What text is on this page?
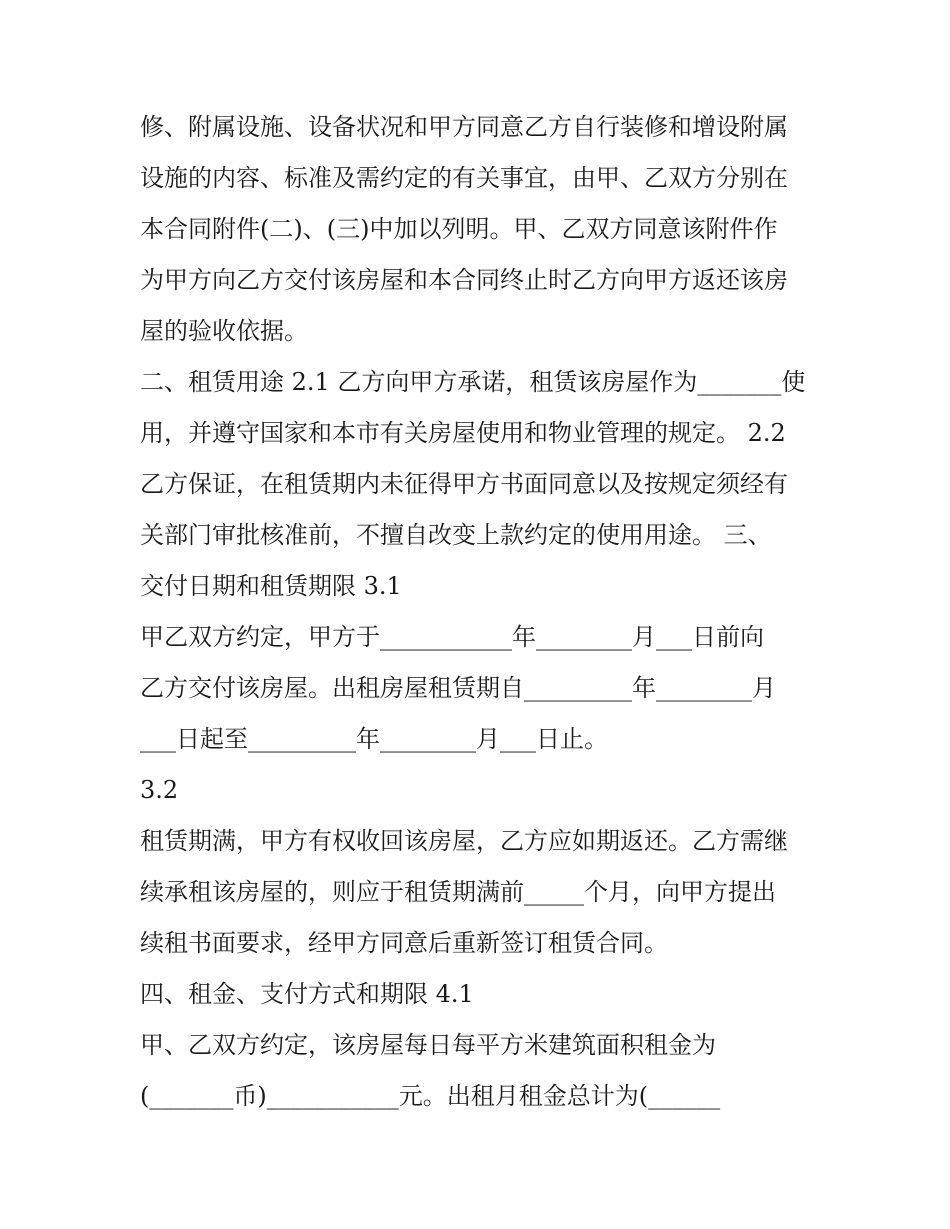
修、附属设施、设备状况和甲方同意乙方自行装修和增设附属
设施的内容、标准及需约定的有关事宜，由甲、乙双方分别在
本合同附件(二)、(三)中加以列明。甲、乙双方同意该附件作
为甲方向乙方交付该房屋和本合同终止时乙方向甲方返还该房
屋的验收依据。
二、租赁用途 2.1 乙方向甲方承诺，租赁该房屋作为_______使
用，并遵守国家和本市有关房屋使用和物业管理的规定。 2.2
乙方保证，在租赁期内未征得甲方书面同意以及按规定须经有
关部门审批核准前，不擅自改变上款约定的使用用途。 三、
交付日期和租赁期限 3.1
甲乙双方约定，甲方于___________年________月___日前向
乙方交付该房屋。出租房屋租赁期自_________年________月
___日起至_________年________月___日止。
3.2
租赁期满，甲方有权收回该房屋，乙方应如期返还。乙方需继
续承租该房屋的，则应于租赁期满前_____个月，向甲方提出
续租书面要求，经甲方同意后重新签订租赁合同。
四、租金、支付方式和期限 4.1
甲、乙双方约定，该房屋每日每平方米建筑面积租金为
(_______币)___________元。出租月租金总计为(______
